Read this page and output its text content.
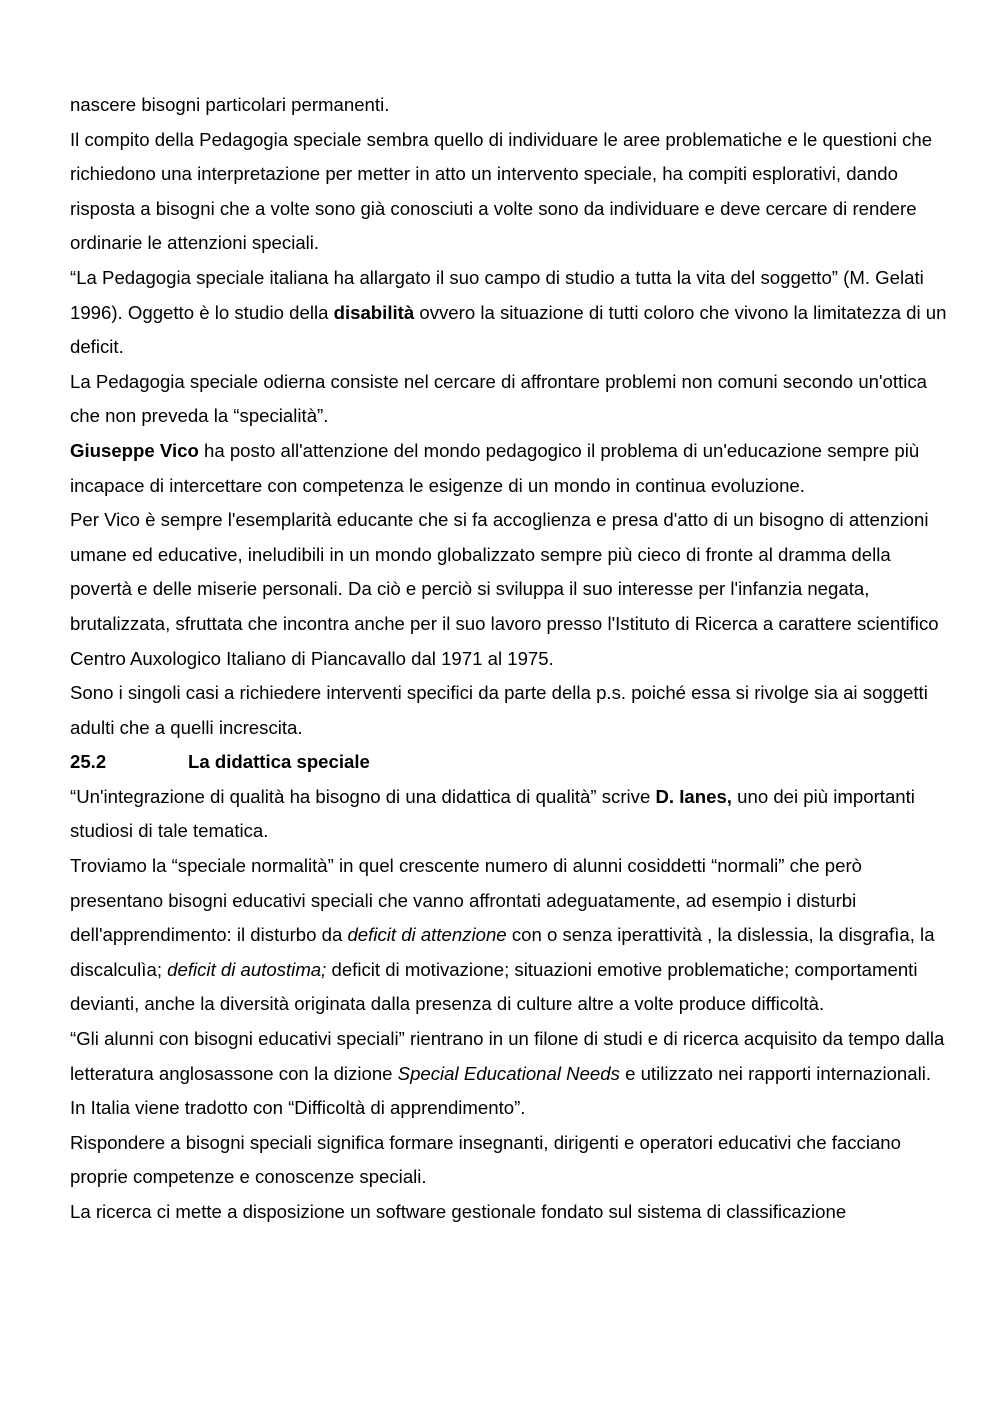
nascere bisogni particolari permanenti.

Il compito della Pedagogia speciale sembra quello di individuare le aree problematiche e le questioni che richiedono una interpretazione per metter in atto un intervento speciale, ha compiti esplorativi, dando risposta a bisogni che a volte sono già conosciuti a volte sono da individuare e deve cercare di rendere ordinarie le attenzioni speciali.

“La Pedagogia speciale italiana ha allargato il suo campo di studio a tutta la vita del soggetto” (M. Gelati 1996). Oggetto è lo studio della disabilità ovvero la situazione di tutti coloro che vivono la limitatezza di un deficit.

La Pedagogia speciale odierna consiste nel cercare di affrontare problemi non comuni secondo un'ottica che non preveda la “specialità”.

Giuseppe Vico ha posto all'attenzione del mondo pedagogico il problema di un'educazione sempre più incapace di intercettare con competenza le esigenze di un mondo in continua evoluzione.

Per Vico è sempre l'esemplarità educante che si fa accoglienza e presa d'atto di un bisogno di attenzioni umane ed educative, ineludibili in un mondo globalizzato sempre più cieco di fronte al dramma della povertà e delle miserie personali. Da ciò e perciò si sviluppa il suo interesse per l'infanzia negata, brutalizzata, sfruttata che incontra anche per il suo lavoro presso l'Istituto di Ricerca a carattere scientifico Centro Auxologico Italiano di Piancavallo dal 1971 al 1975.

Sono i singoli casi a richiedere interventi specifici da parte della p.s. poiché essa si rivolge sia ai soggetti adulti che a quelli increscita.

25.2	La didattica speciale

“Un'integrazione di qualità ha bisogno di una didattica di qualità” scrive D. Ianes, uno dei più importanti studiosi di tale tematica.

Troviamo la “speciale normalità” in quel crescente numero di alunni cosiddetti “normali” che però presentano bisogni educativi speciali che vanno affrontati adeguatamente, ad esempio i disturbi dell'apprendimento: il disturbo da deficit di attenzione con o senza iperattività , la dislessia, la disgrafìa, la discalculìa; deficit di autostima; deficit di motivazione; situazioni emotive problematiche; comportamenti devianti, anche la diversità originata dalla presenza di culture altre a volte produce difficoltà.

“Gli alunni con bisogni educativi speciali” rientrano in un filone di studi e di ricerca acquisito da tempo dalla letteratura anglosassone con la dizione Special Educational Needs e utilizzato nei rapporti internazionali. In Italia viene tradotto con “Difficoltà di apprendimento”.

Rispondere a bisogni speciali significa formare insegnanti, dirigenti e operatori educativi che facciano proprie competenze e conoscenze speciali.

La ricerca ci mette a disposizione un software gestionale fondato sul sistema di classificazione
